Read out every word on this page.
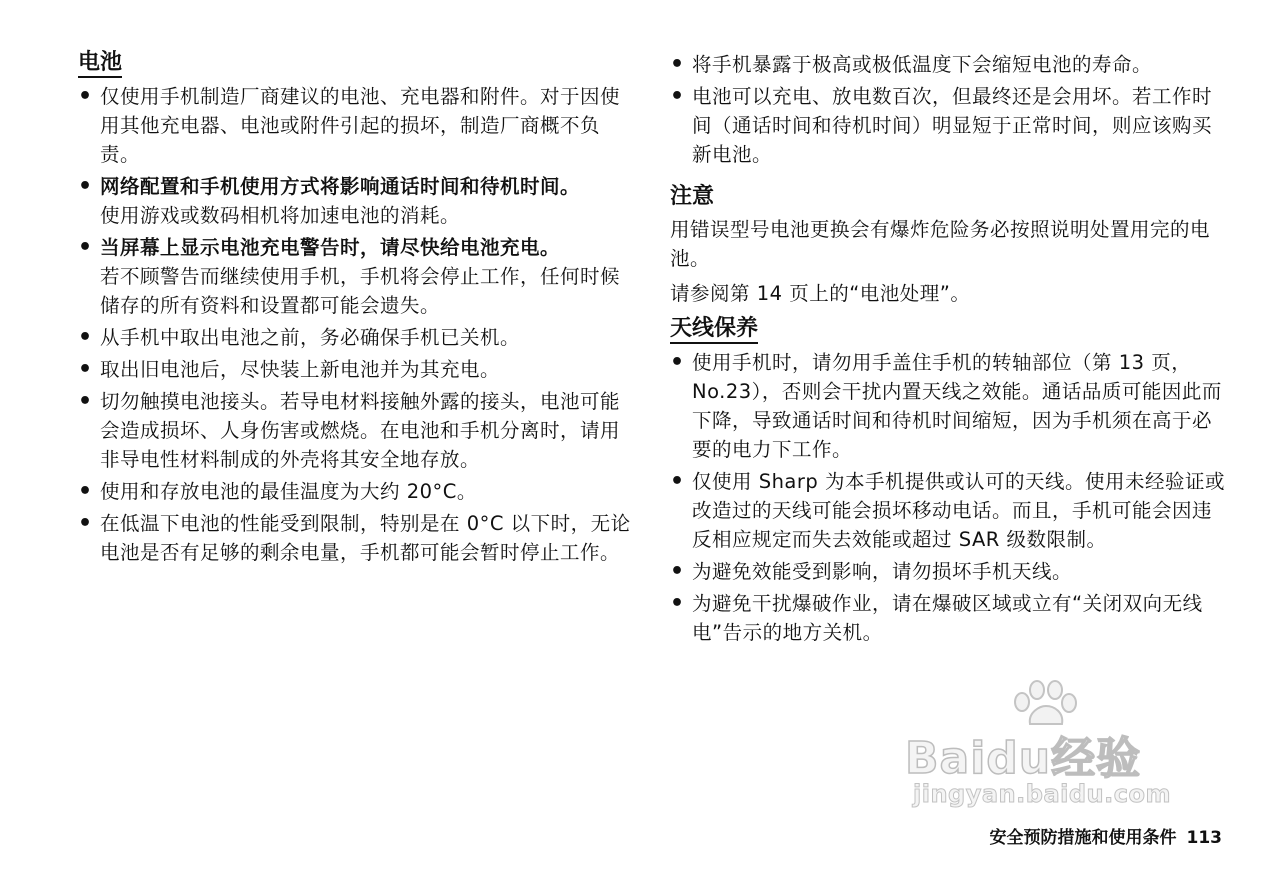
电池
• 仅使用手机制造厂商建议的电池、充电器和附件。对于因使用其他充电器、电池或附件引起的损坏，制造厂商概不负责。
• 网络配置和手机使用方式将影响通话时间和待机时间。
使用游戏或数码相机将加速电池的消耗。
• 当屏幕上显示电池充电警告时，请尽快给电池充电。
若不顾警告而继续使用手机，手机将会停止工作，任何时候储存的所有资料和设置都可能会遗失。
• 从手机中取出电池之前，务必确保手机已关机。
• 取出旧电池后，尽快装上新电池并为其充电。
• 切勿触摸电池接头。若导电材料接触外露的接头，电池可能会造成损坏、人身伤害或燃烧。在电池和手机分离时，请用非导电性材料制成的外壳将其安全地存放。
• 使用和存放电池的最佳温度为大约 20°C。
• 在低温下电池的性能受到限制，特别是在 0°C 以下时，无论电池是否有足够的剩余电量，手机都可能会暂时停止工作。
• 将手机暴露于极高或极低温度下会缩短电池的寿命。
• 电池可以充电、放电数百次，但最终还是会用坏。若工作时间（通话时间和待机时间）明显短于正常时间，则应该购买新电池。
注意

用错误型号电池更换会有爆炸危险务必按照说明处置用完的电池。

请参阅第 14 页上的“电池处理”。

天线保养
• 使用手机时，请勿用手盖住手机的转轴部位（第 13 页， No.23），否则会干扰内置天线之效能。通话品质可能因此而下降，导致通话时间和待机时间缩短，因为手机须在高于必要的电力下工作。
• 仅使用 Sharp 为本手机提供或认可的天线。使用未经验证或改造过的天线可能会损坏移动电话。而且，手机可能会因违反相应规定而失去效能或超过 SAR 级数限制。
• 为避免效能受到影响，请勿损坏手机天线。
• 为避免干扰爆破作业，请在爆破区域或立有“关闭双向无线电”告示的地方关机。
Baidu经验
jingyan.baidu.com
安全预防措施和使用条件 113
